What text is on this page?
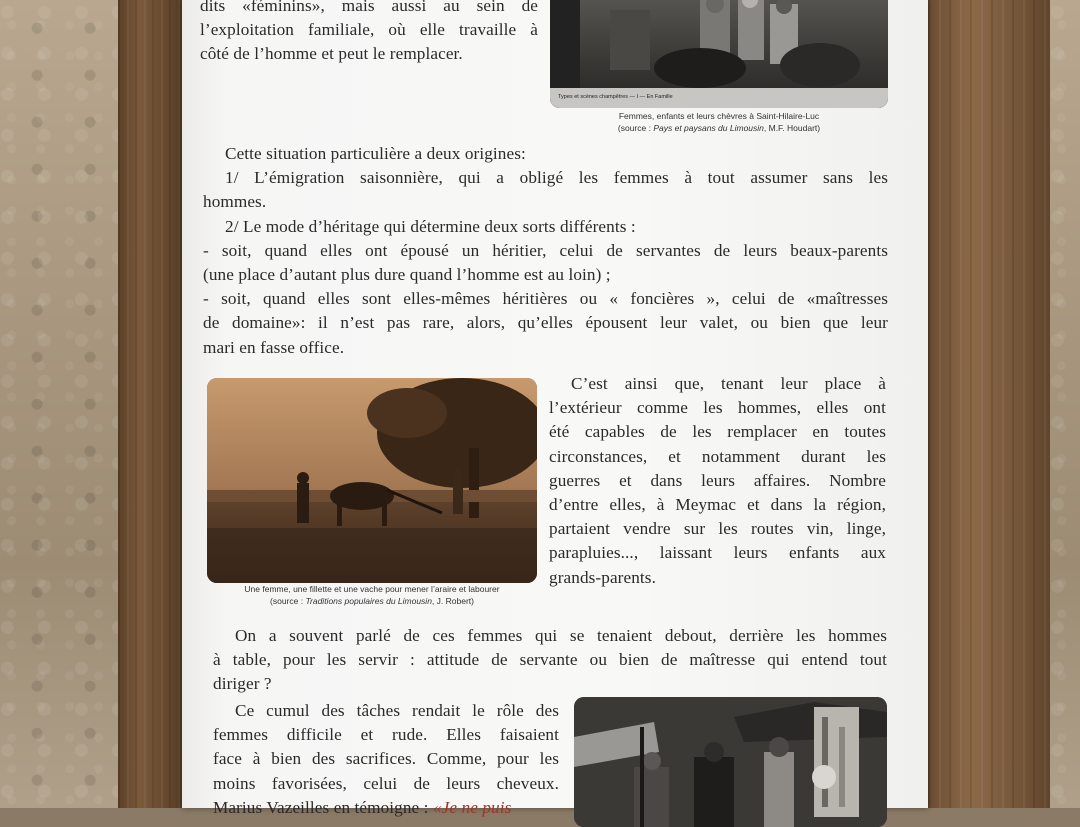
dits «féminins», mais aussi au sein de
l’exploitation familiale, où elle travaille à
côté de l’homme et peut le remplacer.
Types et scènes champêtres — I — En Famille
Femmes, enfants et leurs chèvres à Saint-Hilaire-Luc
(source : Pays et paysans du Limousin, M.F. Houdart)
Cette situation particulière a deux origines:
1/ L’émigration saisonnière, qui a obligé les femmes à tout assumer sans les
hommes.
2/ Le mode d’héritage qui détermine deux sorts différents :
- soit, quand elles ont épousé un héritier, celui de servantes de leurs beaux-parents
(une place d’autant plus dure quand l’homme est au loin) ;
- soit, quand elles sont elles-mêmes héritières ou « foncières », celui de «maîtresses
de domaine»: il n’est pas rare, alors, qu’elles épousent leur valet, ou bien que leur
mari en fasse office.
Une femme, une fillette et une vache pour mener l’araire et labourer
(source : Traditions populaires du Limousin, J. Robert)
C’est ainsi que, tenant leur place à
l’extérieur comme les hommes, elles ont
été capables de les remplacer en toutes
circonstances, et notamment durant les
guerres et dans leurs affaires. Nombre
d’entre elles, à Meymac et dans la région,
partaient vendre sur les routes vin, linge,
parapluies..., laissant leurs enfants aux
grands-parents.
On a souvent parlé de ces femmes qui se tenaient debout, derrière les hommes
à table, pour les servir : attitude de servante ou bien de maîtresse qui entend tout
diriger ?
Ce cumul des tâches rendait le rôle des
femmes difficile et rude. Elles faisaient
face à bien des sacrifices. Comme, pour les
moins favorisées, celui de leurs cheveux.
Marius Vazeilles en témoigne : «Je ne puis
